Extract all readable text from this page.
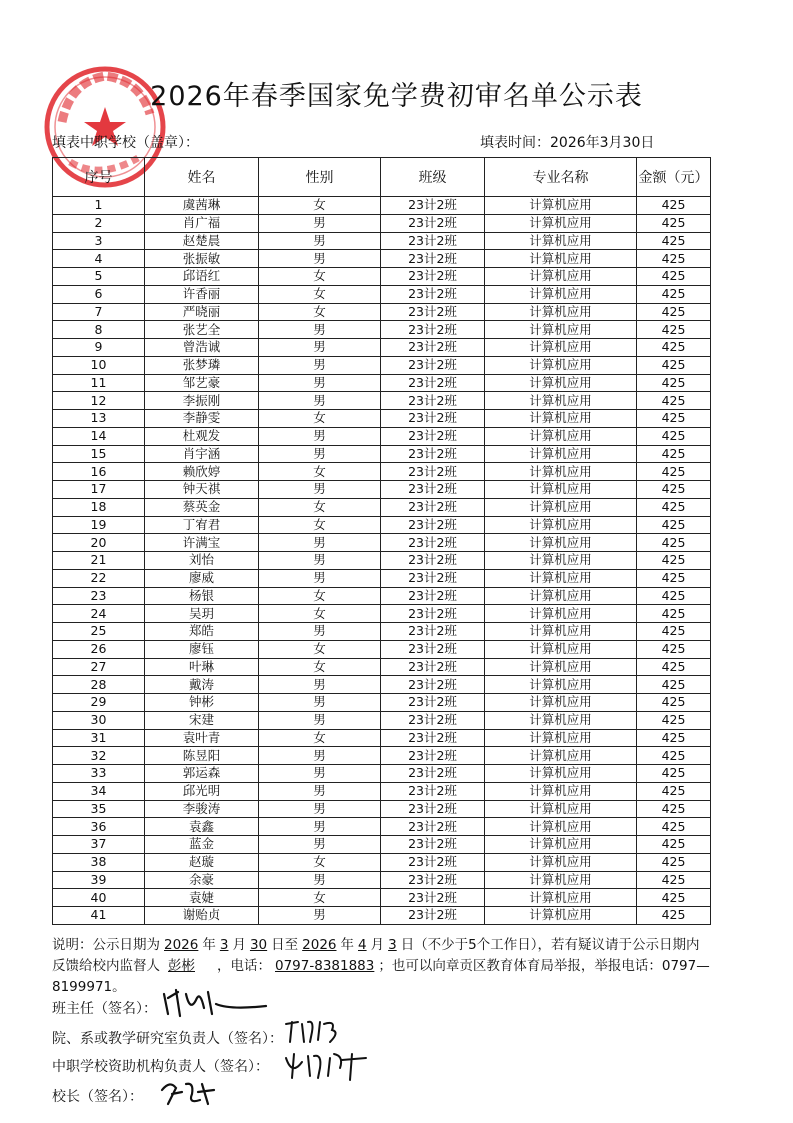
2026年春季国家免学费初审名单公示表
填表中职学校（盖章）：	填表时间：2026年3月30日
序号	姓名	性别	班级	专业名称	金额（元）
1	虞茜琳	女	23计2班	计算机应用	425
2	肖广福	男	23计2班	计算机应用	425
3	赵楚晨	男	23计2班	计算机应用	425
4	张振敏	男	23计2班	计算机应用	425
5	邱语红	女	23计2班	计算机应用	425
6	许香丽	女	23计2班	计算机应用	425
7	严晓丽	女	23计2班	计算机应用	425
8	张艺全	男	23计2班	计算机应用	425
9	曾浩诚	男	23计2班	计算机应用	425
10	张梦璘	男	23计2班	计算机应用	425
11	邹艺豪	男	23计2班	计算机应用	425
12	李振刚	男	23计2班	计算机应用	425
13	李静雯	女	23计2班	计算机应用	425
14	杜观发	男	23计2班	计算机应用	425
15	肖宇涵	男	23计2班	计算机应用	425
16	赖欣婷	女	23计2班	计算机应用	425
17	钟天祺	男	23计2班	计算机应用	425
18	蔡英金	女	23计2班	计算机应用	425
19	丁宥君	女	23计2班	计算机应用	425
20	许满宝	男	23计2班	计算机应用	425
21	刘怡	男	23计2班	计算机应用	425
22	廖威	男	23计2班	计算机应用	425
23	杨银	女	23计2班	计算机应用	425
24	吴玥	女	23计2班	计算机应用	425
25	郑皓	男	23计2班	计算机应用	425
26	廖钰	女	23计2班	计算机应用	425
27	叶琳	女	23计2班	计算机应用	425
28	戴涛	男	23计2班	计算机应用	425
29	钟彬	男	23计2班	计算机应用	425
30	宋建	男	23计2班	计算机应用	425
31	袁叶青	女	23计2班	计算机应用	425
32	陈昱阳	男	23计2班	计算机应用	425
33	郭运森	男	23计2班	计算机应用	425
34	邱光明	男	23计2班	计算机应用	425
35	李骏涛	男	23计2班	计算机应用	425
36	袁鑫	男	23计2班	计算机应用	425
37	蓝金	男	23计2班	计算机应用	425
38	赵璇	女	23计2班	计算机应用	425
39	余豪	男	23计2班	计算机应用	425
40	袁婕	女	23计2班	计算机应用	425
41	谢贻贞	男	23计2班	计算机应用	425
说明：公示日期为 2026 年 3 月 30 日至 2026 年 4 月 3 日（不少于5个工作日），若有疑议请于公示日期内反馈给校内监督人 彭彬 ，电话： 0797-8381883 ；也可以向章贡区教育体育局举报，举报电话：0797—8199971。
班主任（签名）：
院、系或教学研究室负责人（签名）：
中职学校资助机构负责人（签名）：
校长（签名）：
